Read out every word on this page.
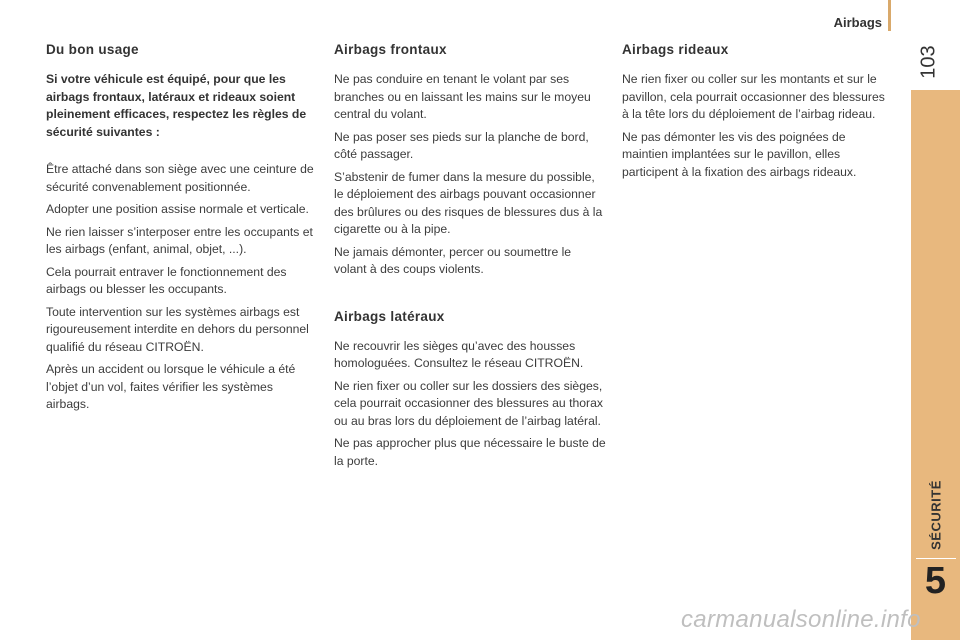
Airbags
103
SÉCURITÉ
5
Du bon usage

Si votre véhicule est équipé, pour que les airbags frontaux, latéraux et rideaux soient pleinement efficaces, respectez les règles de sécurité suivantes :

Être attaché dans son siège avec une ceinture de sécurité convenablement positionnée.

Adopter une position assise normale et verticale.

Ne rien laisser s’interposer entre les occupants et les airbags (enfant, animal, objet, ...).

Cela pourrait entraver le fonctionnement des airbags ou blesser les occupants.

Toute intervention sur les systèmes airbags est rigoureusement interdite en dehors du personnel qualifié du réseau CITROËN.

Après un accident ou lorsque le véhicule a été l’objet d’un vol, faites vérifier les systèmes airbags.

Airbags frontaux

Ne pas conduire en tenant le volant par ses branches ou en laissant les mains sur le moyeu central du volant.

Ne pas poser ses pieds sur la planche de bord, côté passager.

S’abstenir de fumer dans la mesure du possible, le déploiement des airbags pouvant occasionner des brûlures ou des risques de blessures dus à la cigarette ou à la pipe.

Ne jamais démonter, percer ou soumettre le volant à des coups violents.

Airbags latéraux

Ne recouvrir les sièges qu’avec des housses homologuées. Consultez le réseau CITROËN.

Ne rien fixer ou coller sur les dossiers des sièges, cela pourrait occasionner des blessures au thorax ou au bras lors du déploiement de l’airbag latéral.

Ne pas approcher plus que nécessaire le buste de la porte.

Airbags rideaux

Ne rien fixer ou coller sur les montants et sur le pavillon, cela pourrait occasionner des blessures à la tête lors du déploiement de l’airbag rideau.

Ne pas démonter les vis des poignées de maintien implantées sur le pavillon, elles participent à la fixation des airbags rideaux.

carmanualsonline.info
